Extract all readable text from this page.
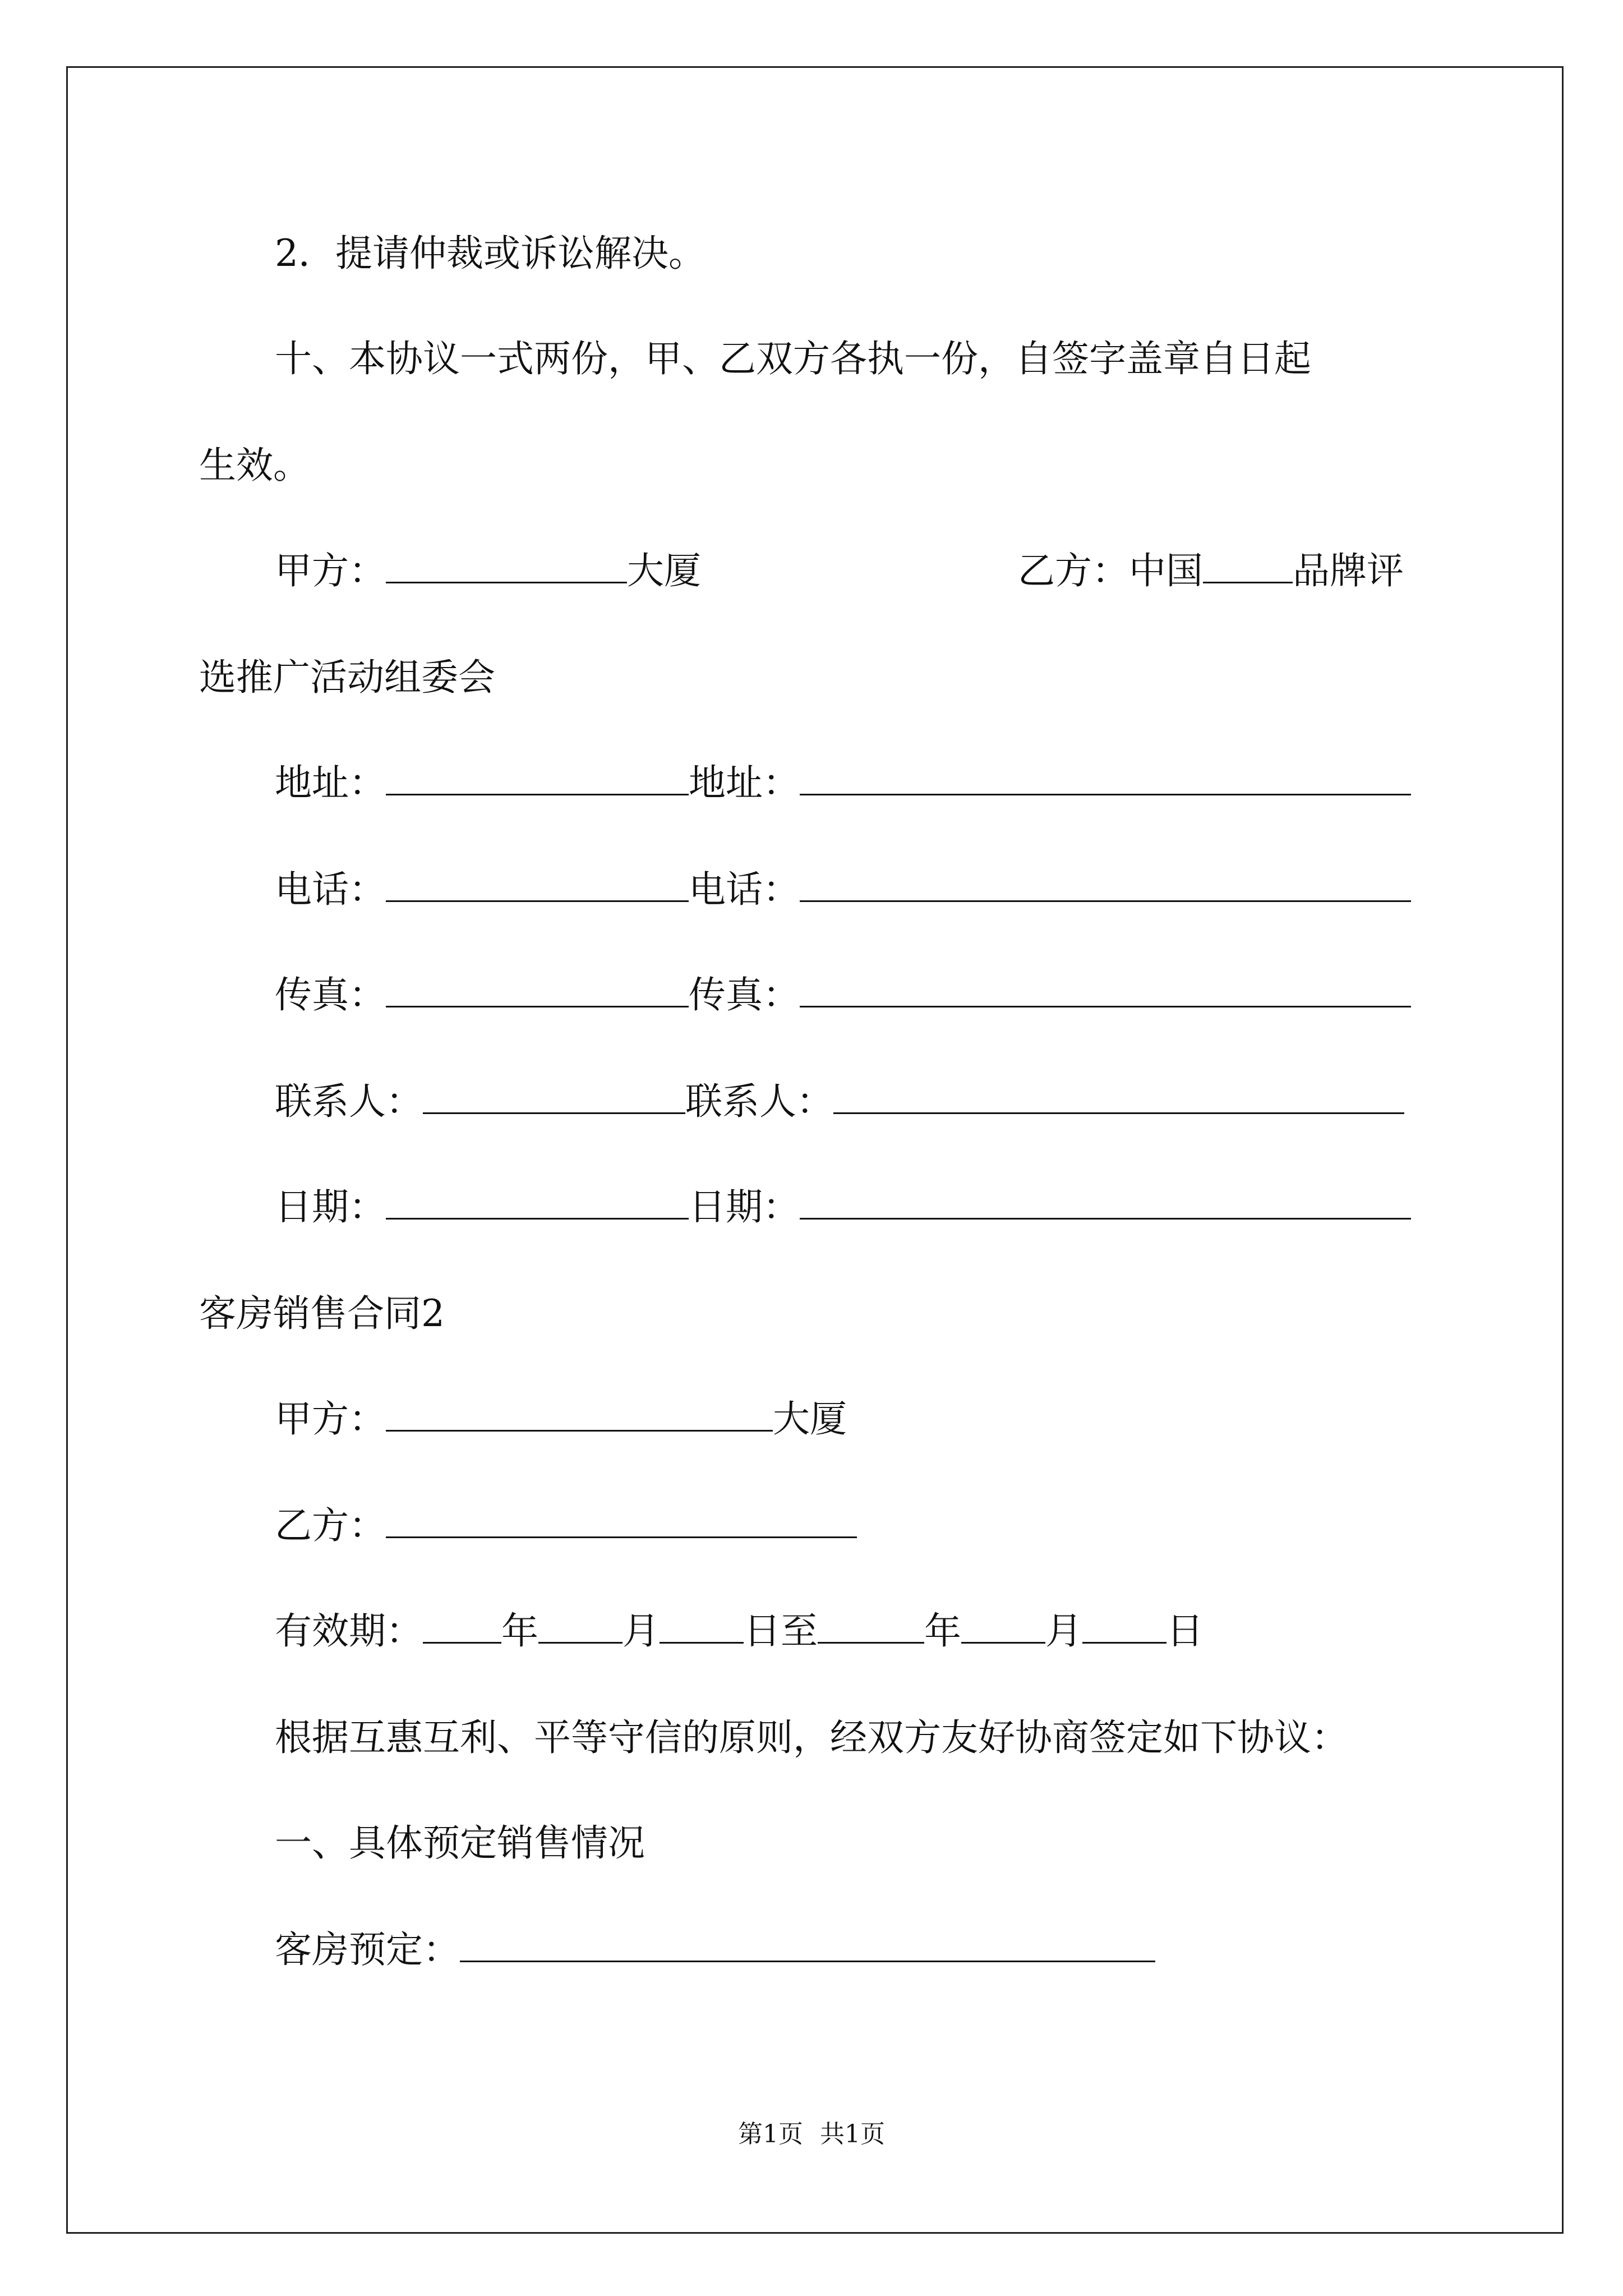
2．提请仲裁或诉讼解决。
十、本协议一式两份，甲、乙双方各执一份，自签字盖章自日起
生效。
甲方：	大厦	乙方：中国 品牌评
选推广活动组委会
地址：	地址：
电话：	电话：
传真：	传真：
联系人：	联系人：
日期：	日期：
客房销售合同2
甲方：	大厦
乙方：
有效期： 年 月 日至	年 月 日
根据互惠互利、平等守信的原则，经双方友好协商签定如下协议：
一、具体预定销售情况
客房预定：
第1页 共1页
